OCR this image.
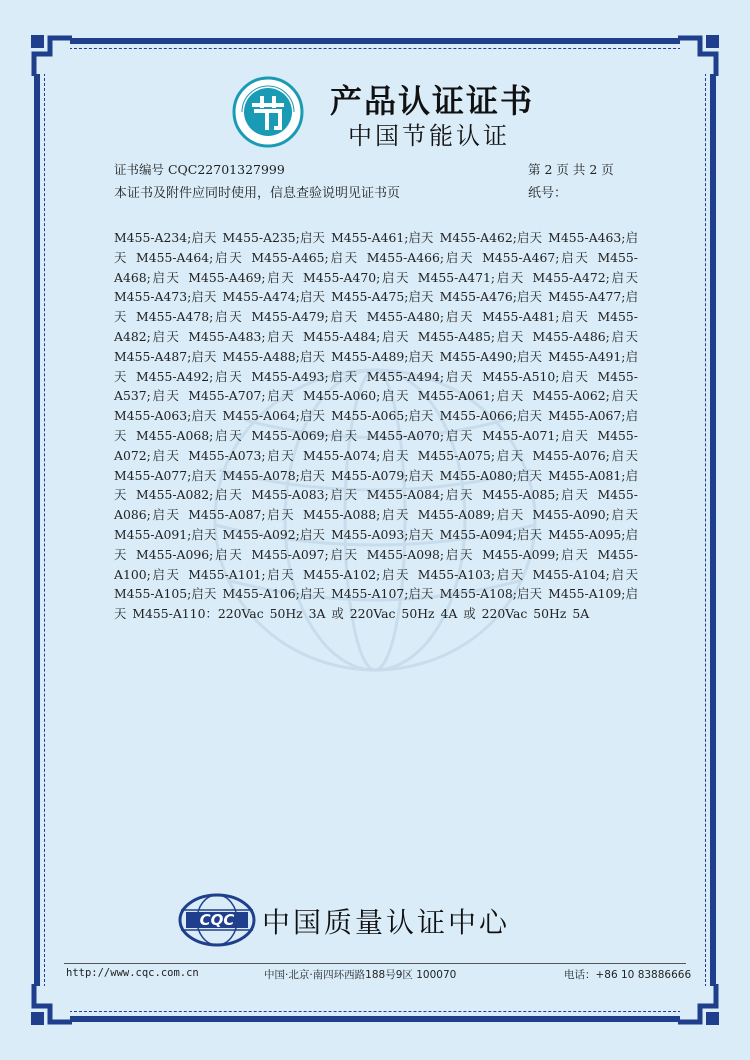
产品认证证书
中国节能认证
证书编号 CQC22701327999	第 2 页 共 2 页
本证书及附件应同时使用，信息查验说明见证书页	纸号：
M455-A234;启天 M455-A235;启天 M455-A461;启天 M455-A462;启天 M455-A463;启天 M455-A464;启天 M455-A465;启天 M455-A466;启天 M455-A467;启天 M455-A468;启天 M455-A469;启天 M455-A470;启天 M455-A471;启天 M455-A472;启天 M455-A473;启天 M455-A474;启天 M455-A475;启天 M455-A476;启天 M455-A477;启天 M455-A478;启天 M455-A479;启天 M455-A480;启天 M455-A481;启天 M455-A482;启天 M455-A483;启天 M455-A484;启天 M455-A485;启天 M455-A486;启天 M455-A487;启天 M455-A488;启天 M455-A489;启天 M455-A490;启天 M455-A491;启天 M455-A492;启天 M455-A493;启天 M455-A494;启天 M455-A510;启天 M455-A537;启天 M455-A707;启天 M455-A060;启天 M455-A061;启天 M455-A062;启天 M455-A063;启天 M455-A064;启天 M455-A065;启天 M455-A066;启天 M455-A067;启天 M455-A068;启天 M455-A069;启天 M455-A070;启天 M455-A071;启天 M455-A072;启天 M455-A073;启天 M455-A074;启天 M455-A075;启天 M455-A076;启天 M455-A077;启天 M455-A078;启天 M455-A079;启天 M455-A080;启天 M455-A081;启天 M455-A082;启天 M455-A083;启天 M455-A084;启天 M455-A085;启天 M455-A086;启天 M455-A087;启天 M455-A088;启天 M455-A089;启天 M455-A090;启天 M455-A091;启天 M455-A092;启天 M455-A093;启天 M455-A094;启天 M455-A095;启天 M455-A096;启天 M455-A097;启天 M455-A098;启天 M455-A099;启天 M455-A100;启天 M455-A101;启天 M455-A102;启天 M455-A103;启天 M455-A104;启天 M455-A105;启天 M455-A106;启天 M455-A107;启天 M455-A108;启天 M455-A109;启天 M455-A110：220Vac 50Hz 3A 或 220Vac 50Hz 4A 或 220Vac 50Hz 5A
CQC 中国质量认证中心
http://www.cqc.com.cn	中国·北京·南四环西路188号9区 100070	电话：+86 10 83886666
